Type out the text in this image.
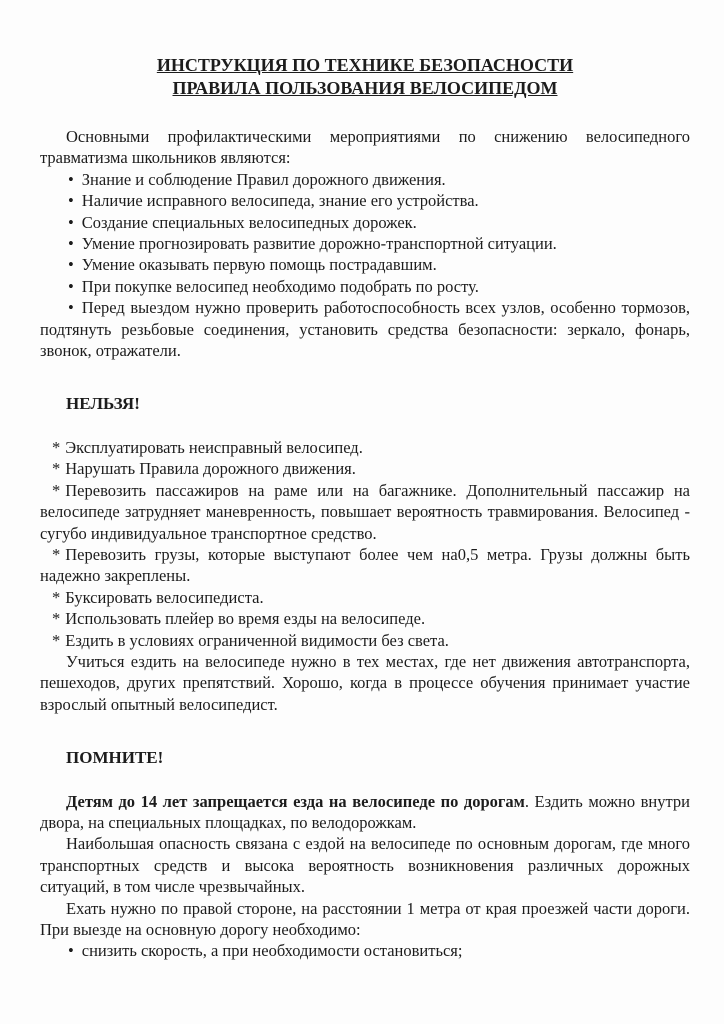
ИНСТРУКЦИЯ ПО ТЕХНИКЕ БЕЗОПАСНОСТИ
ПРАВИЛА ПОЛЬЗОВАНИЯ ВЕЛОСИПЕДОМ

Основными профилактическими мероприятиями по снижению велосипедного травматизма школьников являются:

• Знание и соблюдение Правил дорожного движения.

• Наличие исправного велосипеда, знание его устройства.

• Создание специальных велосипедных дорожек.

• Умение прогнозировать развитие дорожно-транспортной ситуации.

• Умение оказывать первую помощь пострадавшим.

• При покупке велосипед необходимо подобрать по росту.

• Перед выездом нужно проверить работоспособность всех узлов, особенно тормозов, подтянуть резьбовые соединения, установить средства безопасности: зеркало, фонарь, звонок, отражатели.

НЕЛЬЗЯ!

* Эксплуатировать неисправный велосипед.

* Нарушать Правила дорожного движения.

* Перевозить пассажиров на раме или на багажнике. Дополнительный пассажир на велосипеде затрудняет маневренность, повышает вероятность травмирования. Велосипед - сугубо индивидуальное транспортное средство.

* Перевозить грузы, которые выступают более чем на0,5 метра. Грузы должны быть надежно закреплены.

* Буксировать велосипедиста.

* Использовать плейер во время езды на велосипеде.

* Ездить в условиях ограниченной видимости без света.

Учиться ездить на велосипеде нужно в тех местах, где нет движения автотранспорта, пешеходов, других препятствий. Хорошо, когда в процессе обучения принимает участие взрослый опытный велосипедист.

ПОМНИТЕ!

Детям до 14 лет запрещается езда на велосипеде по дорогам. Ездить можно внутри двора, на специальных площадках, по велодорожкам.

Наибольшая опасность связана с ездой на велосипеде по основным дорогам, где много транспортных средств и высока вероятность возникновения различных дорожных ситуаций, в том числе чрезвычайных.

Ехать нужно по правой стороне, на расстоянии 1 метра от края проезжей части дороги. При выезде на основную дорогу необходимо:

• снизить скорость, а при необходимости остановиться;
